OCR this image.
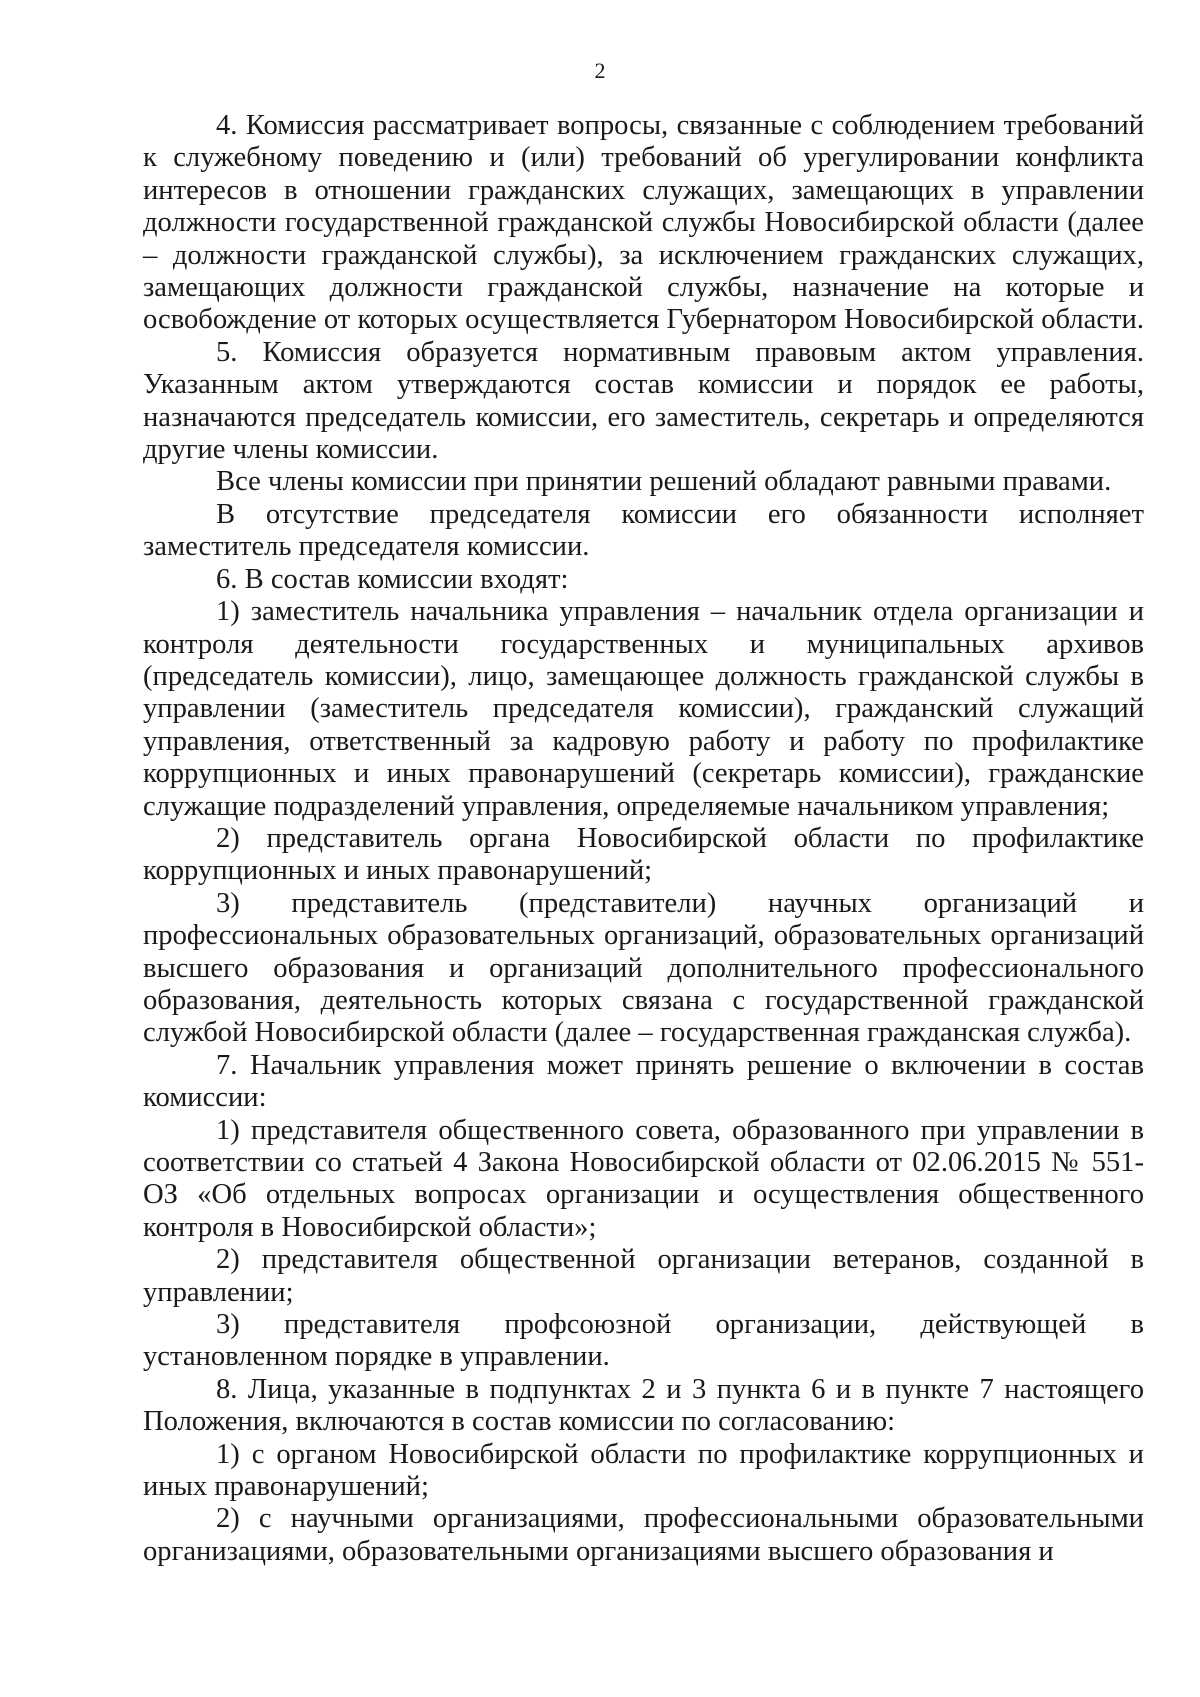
2

4. Комиссия рассматривает вопросы, связанные с соблюдением требований к служебному поведению и (или) требований об урегулировании конфликта интересов в отношении гражданских служащих, замещающих в управлении должности государственной гражданской службы Новосибирской области (далее – должности гражданской службы), за исключением гражданских служащих, замещающих должности гражданской службы, назначение на которые и освобождение от которых осуществляется Губернатором Новосибирской области.

5. Комиссия образуется нормативным правовым актом управления. Указанным актом утверждаются состав комиссии и порядок ее работы, назначаются председатель комиссии, его заместитель, секретарь и определяются другие члены комиссии.

Все члены комиссии при принятии решений обладают равными правами.

В отсутствие председателя комиссии его обязанности исполняет заместитель председателя комиссии.

6. В состав комиссии входят:

1) заместитель начальника управления – начальник отдела организации и контроля деятельности государственных и муниципальных архивов (председатель комиссии), лицо, замещающее должность гражданской службы в управлении (заместитель председателя комиссии), гражданский служащий управления, ответственный за кадровую работу и работу по профилактике коррупционных и иных правонарушений (секретарь комиссии), гражданские служащие подразделений управления, определяемые начальником управления;

2) представитель органа Новосибирской области по профилактике коррупционных и иных правонарушений;

3) представитель (представители) научных организаций и профессиональных образовательных организаций, образовательных организаций высшего образования и организаций дополнительного профессионального образования, деятельность которых связана с государственной гражданской службой Новосибирской области (далее – государственная гражданская служба).

7. Начальник управления может принять решение о включении в состав комиссии:

1) представителя общественного совета, образованного при управлении в соответствии со статьей 4 Закона Новосибирской области от 02.06.2015 № 551-ОЗ «Об отдельных вопросах организации и осуществления общественного контроля в Новосибирской области»;

2) представителя общественной организации ветеранов, созданной в управлении;

3) представителя профсоюзной организации, действующей в установленном порядке в управлении.

8. Лица, указанные в подпунктах 2 и 3 пункта 6 и в пункте 7 настоящего Положения, включаются в состав комиссии по согласованию:

1) с органом Новосибирской области по профилактике коррупционных и иных правонарушений;

2) с научными организациями, профессиональными образовательными организациями, образовательными организациями высшего образования и
